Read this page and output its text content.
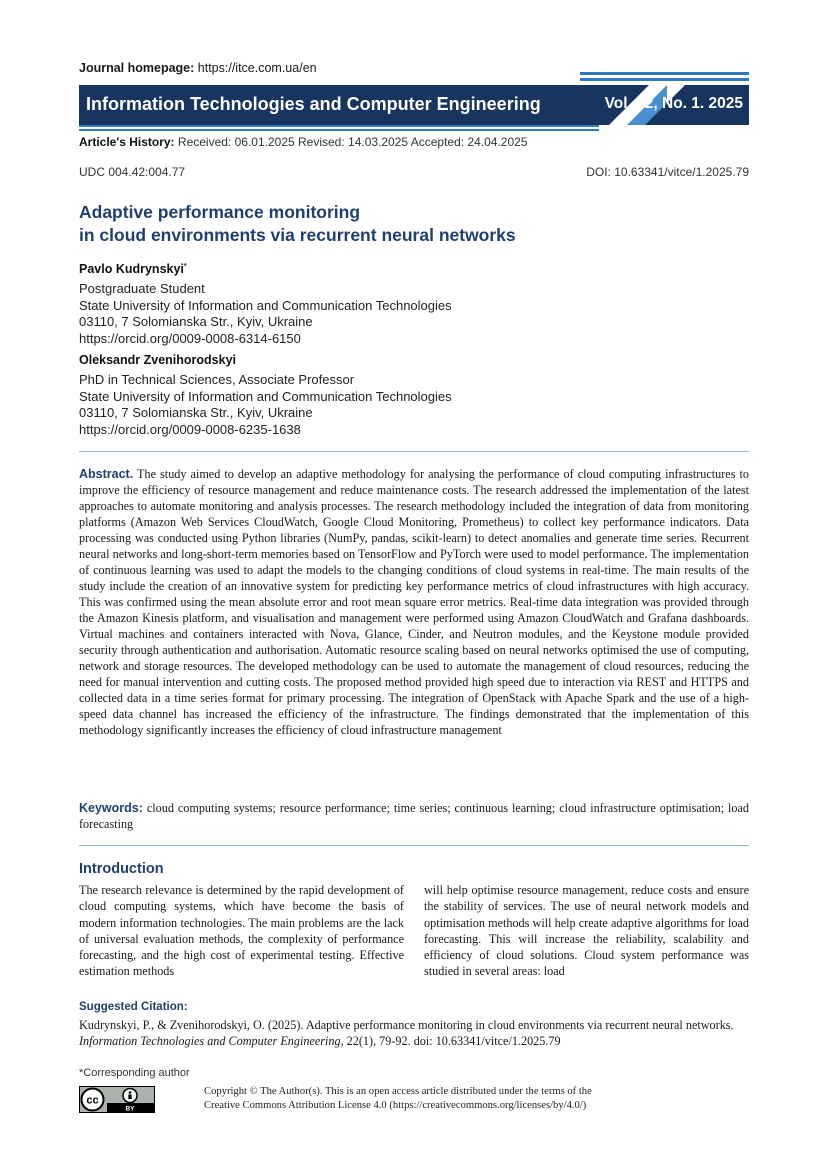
Journal homepage: https://itce.com.ua/en
Information Technologies and Computer Engineering	Vol. 22, No. 1. 2025
Article's History: Received: 06.01.2025 Revised: 14.03.2025 Accepted: 24.04.2025
UDC 004.42:004.77	DOI: 10.63341/vitce/1.2025.79
Adaptive performance monitoring
in cloud environments via recurrent neural networks
Pavlo Kudrynskyi*
Postgraduate Student
State University of Information and Communication Technologies
03110, 7 Solomianska Str., Kyiv, Ukraine
https://orcid.org/0009-0008-6314-6150
Oleksandr Zvenihorodskyi
PhD in Technical Sciences, Associate Professor
State University of Information and Communication Technologies
03110, 7 Solomianska Str., Kyiv, Ukraine
https://orcid.org/0009-0008-6235-1638
Abstract. The study aimed to develop an adaptive methodology for analysing the performance of cloud computing infrastructures to improve the efficiency of resource management and reduce maintenance costs. The research addressed the implementation of the latest approaches to automate monitoring and analysis processes. The research methodology included the integration of data from monitoring platforms (Amazon Web Services CloudWatch, Google Cloud Monitoring, Prometheus) to collect key performance indicators. Data processing was conducted using Python libraries (NumPy, pandas, scikit-learn) to detect anomalies and generate time series. Recurrent neural networks and long-short-term memories based on TensorFlow and PyTorch were used to model performance. The implementation of continuous learning was used to adapt the models to the changing conditions of cloud systems in real-time. The main results of the study include the creation of an innovative system for predicting key performance metrics of cloud infrastructures with high accuracy. This was confirmed using the mean absolute error and root mean square error metrics. Real-time data integration was provided through the Amazon Kinesis platform, and visualisation and management were performed using Amazon CloudWatch and Grafana dashboards. Virtual machines and containers interacted with Nova, Glance, Cinder, and Neutron modules, and the Keystone module provided security through authentication and authorisation. Automatic resource scaling based on neural networks optimised the use of computing, network and storage resources. The developed methodology can be used to automate the management of cloud resources, reducing the need for manual intervention and cutting costs. The proposed method provided high speed due to interaction via REST and HTTPS and collected data in a time series format for primary processing. The integration of OpenStack with Apache Spark and the use of a high-speed data channel has increased the efficiency of the infrastructure. The findings demonstrated that the implementation of this methodology significantly increases the efficiency of cloud infrastructure management
Keywords: cloud computing systems; resource performance; time series; continuous learning; cloud infrastructure optimisation; load forecasting
Introduction
The research relevance is determined by the rapid development of cloud computing systems, which have become the basis of modern information technologies. The main problems are the lack of universal evaluation methods, the complexity of performance forecasting, and the high cost of experimental testing. Effective estimation methods
will help optimise resource management, reduce costs and ensure the stability of services. The use of neural network models and optimisation methods will help create adaptive algorithms for load forecasting. This will increase the reliability, scalability and efficiency of cloud solutions. Cloud system performance was studied in several areas: load
Suggested Citation:
Kudrynskyi, P., & Zvenihorodskyi, O. (2025). Adaptive performance monitoring in cloud environments via recurrent neural networks. Information Technologies and Computer Engineering, 22(1), 79-92. doi: 10.63341/vitce/1.2025.79
*Corresponding author
cc
BY
Copyright © The Author(s). This is an open access article distributed under the terms of the
Creative Commons Attribution License 4.0 (https://creativecommons.org/licenses/by/4.0/)
